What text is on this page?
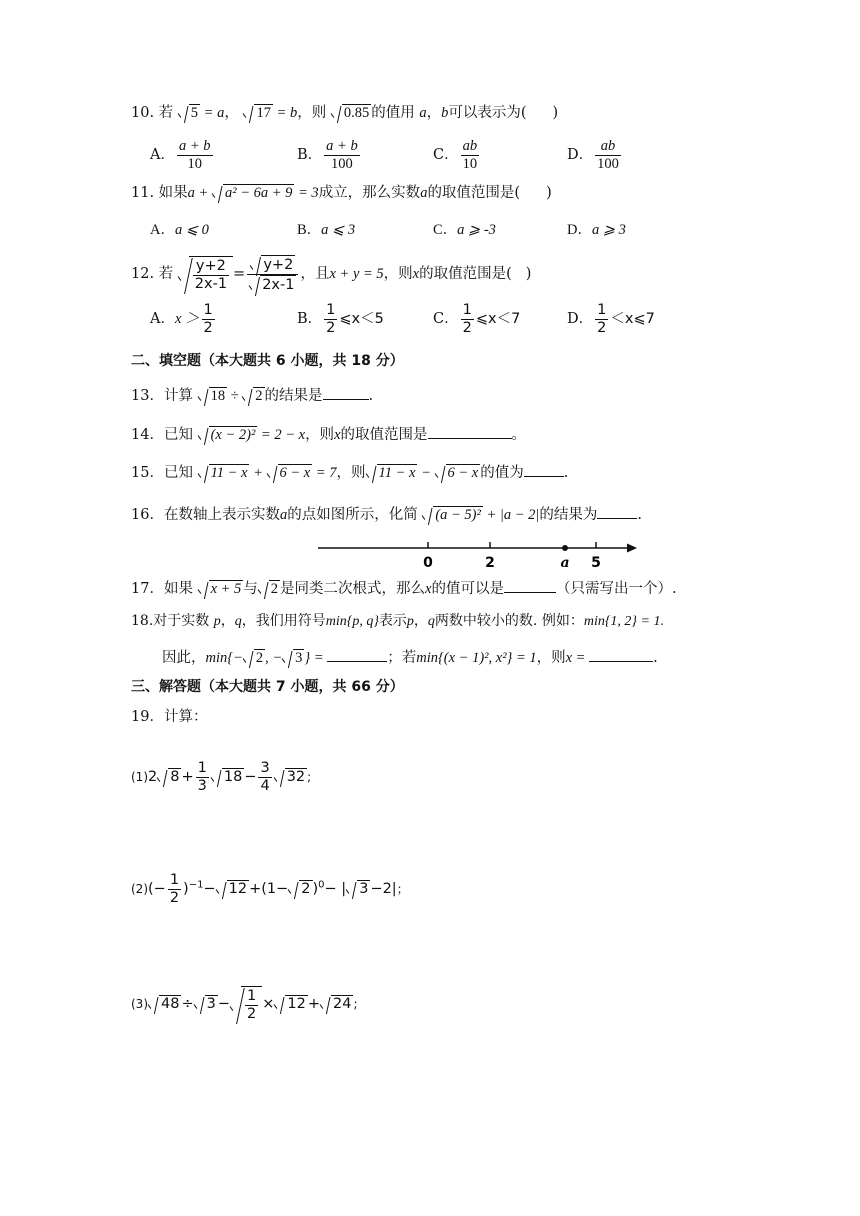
10. 若 5 = a， 17 = b，则 0.85 的值用 a，b可以表示为( )
A． $\frac{a + b}{10}$	B． $\frac{a + b}{100}$	C． $\frac{ab}{10}$	D． $\frac{ab}{100}$
11. 如果a +
a² − 6a + 9 = 3成立，那么实数a的取值范围是( )
A．a ⩽ 0	B．a ⩽ 3	C．a ⩾ -3	D．a ⩾ 3
12. 若 $\frac{y+2}{2x-1} = \frac{y+2}{2x-1}$ ，且x + y = 5，则x的取值范围是( )
A．$x > \frac{1}{2}$	B． $\frac{1}{2}$ ⩽x＜5	C． $\frac{1}{2}$ ⩽x＜7	D． $\frac{1}{2}$ ＜x⩽7
二、填空题（本大题共 6 小题，共 18 分）
13．计算 18 ÷
2 的结果是	.
14．已知 (x − 2)² = 2 − x，则x的取值范围是	。
15．已知 11 − x +
6 − x = 7，则 11 − x −
6 − x 的值为	.
16．在数轴上表示实数a的点如图所示，化简 (a − 5)² + |a − 2|的结果为	.
0	2	a 5
17．如果 x + 5 与 2 是同类二次根式，那么x的值可以是	（只需写出一个）.
18.对于实数 p，q，我们用符号min{p, q}表示p，q两数中较小的数. 例如：min{1, 2} = 1.
因此，min{− 2 , − 3 } =	；若min{(x − 1)², x²} = 1，则x =	.
三、解答题（本大题共 7 小题，共 66 分）
19．计算：
(1)2 $8 + \frac{1}{3} 18 - \frac{3}{4} 32$ ;
$(2)(- \frac{1}{2} )^{-1}- 12 +(1- 2$ )$^0$− | 3 −2|；
(3) $48 \div 3 - \frac{1}{2} \times 12 + 24$ ;
